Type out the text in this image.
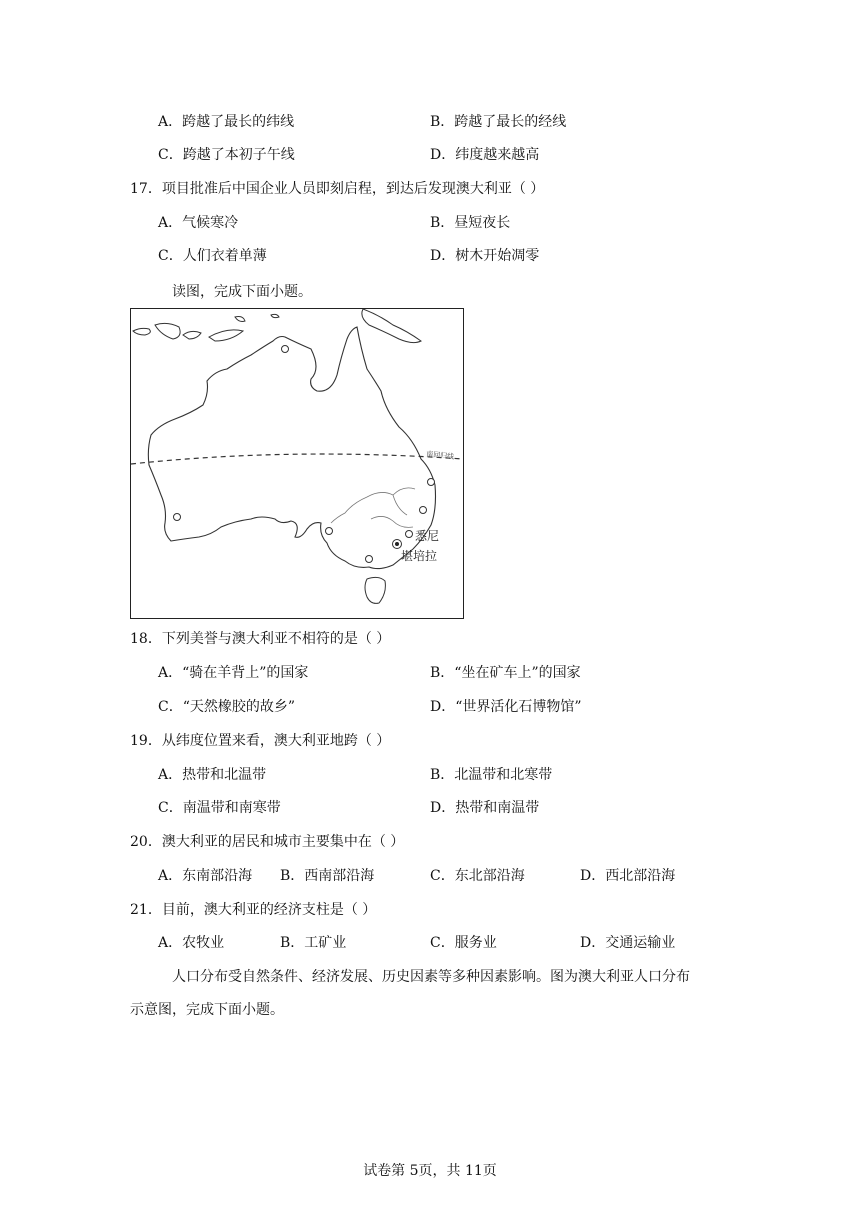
A．跨越了最长的纬线	B．跨越了最长的经线
C．跨越了本初子午线	D．纬度越来越高
17．项目批准后中国企业人员即刻启程，到达后发现澳大利亚（ ）
A．气候寒冷	B．昼短夜长
C．人们衣着单薄	D．树木开始凋零
读图，完成下面小题。
南回归线
悉尼
堪培拉
18．下列美誉与澳大利亚不相符的是（ ）
A．“骑在羊背上”的国家	B．“坐在矿车上”的国家
C．“天然橡胶的故乡”	D．“世界活化石博物馆”
19．从纬度位置来看，澳大利亚地跨（ ）
A．热带和北温带	B．北温带和北寒带
C．南温带和南寒带	D．热带和南温带
20．澳大利亚的居民和城市主要集中在（ ）
A．东南部沿海 B．西南部沿海	C．东北部沿海	D．西北部沿海
21．目前，澳大利亚的经济支柱是（ ）
A．农牧业	B．工矿业	C．服务业	D．交通运输业
人口分布受自然条件、经济发展、历史因素等多种因素影响。图为澳大利亚人口分布
示意图，完成下面小题。
试卷第 5页，共 11页
